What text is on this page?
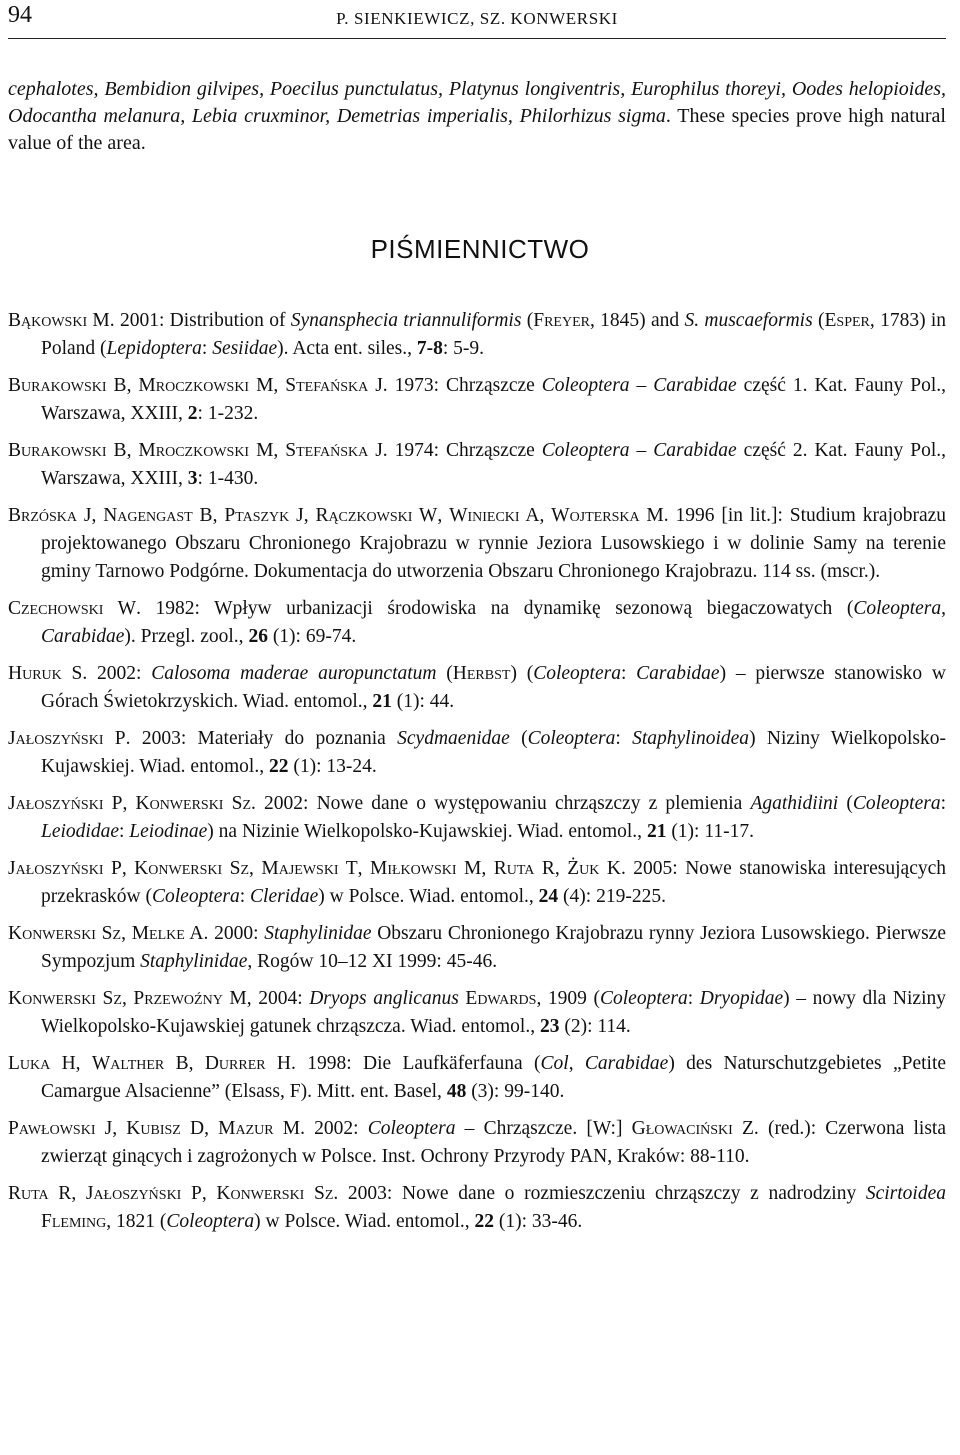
94	P. SIENKIEWICZ, SZ. KONWERSKI

cephalotes, Bembidion gilvipes, Poecilus punctulatus, Platynus longiventris, Europhilus thoreyi, Oodes helopioides, Odocantha melanura, Lebia cruxminor, Demetrias imperialis, Philorhizus sigma. These species prove high natural value of the area.

PIŚMIENNICTWO
Bąkowski M. 2001: Distribution of Synansphecia triannuliformis (Freyer, 1845) and S. muscaeformis (Esper, 1783) in Poland (Lepidoptera: Sesiidae). Acta ent. siles., 7-8: 5-9.
Burakowski B, Mroczkowski M, Stefańska J. 1973: Chrząszcze Coleoptera – Carabidae część 1. Kat. Fauny Pol., Warszawa, XXIII, 2: 1-232.
Burakowski B, Mroczkowski M, Stefańska J. 1974: Chrząszcze Coleoptera – Carabidae część 2. Kat. Fauny Pol., Warszawa, XXIII, 3: 1-430.
Brzóska J, Nagengast B, Ptaszyk J, Rączkowski W, Winiecki A, Wojterska M. 1996 [in lit.]: Studium krajobrazu projektowanego Obszaru Chronionego Krajobrazu w rynnie Jeziora Lusowskiego i w dolinie Samy na terenie gminy Tarnowo Podgórne. Dokumentacja do utworzenia Obszaru Chronionego Krajobrazu. 114 ss. (mscr.).
Czechowski W. 1982: Wpływ urbanizacji środowiska na dynamikę sezonową biegaczowatych (Coleoptera, Carabidae). Przegl. zool., 26 (1): 69-74.
Huruk S. 2002: Calosoma maderae auropunctatum (Herbst) (Coleoptera: Carabidae) – pierwsze stanowisko w Górach Świetokrzyskich. Wiad. entomol., 21 (1): 44.
Jałoszyński P. 2003: Materiały do poznania Scydmaenidae (Coleoptera: Staphylinoidea) Niziny Wielkopolsko-Kujawskiej. Wiad. entomol., 22 (1): 13-24.
Jałoszyński P, Konwerski Sz. 2002: Nowe dane o występowaniu chrząszczy z plemienia Agathidiini (Coleoptera: Leiodidae: Leiodinae) na Nizinie Wielkopolsko-Kujawskiej. Wiad. entomol., 21 (1): 11-17.
Jałoszyński P, Konwerski Sz, Majewski T, Miłkowski M, Ruta R, Żuk K. 2005: Nowe stanowiska interesujących przekrasków (Coleoptera: Cleridae) w Polsce. Wiad. entomol., 24 (4): 219-225.
Konwerski Sz, Melke A. 2000: Staphylinidae Obszaru Chronionego Krajobrazu rynny Jeziora Lusowskiego. Pierwsze Sympozjum Staphylinidae, Rogów 10–12 XI 1999: 45-46.
Konwerski Sz, Przewoźny M, 2004: Dryops anglicanus Edwards, 1909 (Coleoptera: Dryopidae) – nowy dla Niziny Wielkopolsko-Kujawskiej gatunek chrząszcza. Wiad. entomol., 23 (2): 114.
Luka H, Walther B, Durrer H. 1998: Die Laufkäferfauna (Col, Carabidae) des Naturschutzgebietes „Petite Camargue Alsacienne” (Elsass, F). Mitt. ent. Basel, 48 (3): 99-140.
Pawłowski J, Kubisz D, Mazur M. 2002: Coleoptera – Chrząszcze. [W:] Głowaciński Z. (red.): Czerwona lista zwierząt ginących i zagrożonych w Polsce. Inst. Ochrony Przyrody PAN, Kraków: 88-110.
Ruta R, Jałoszyński P, Konwerski Sz. 2003: Nowe dane o rozmieszczeniu chrząszczy z nadrodziny Scirtoidea Fleming, 1821 (Coleoptera) w Polsce. Wiad. entomol., 22 (1): 33-46.
